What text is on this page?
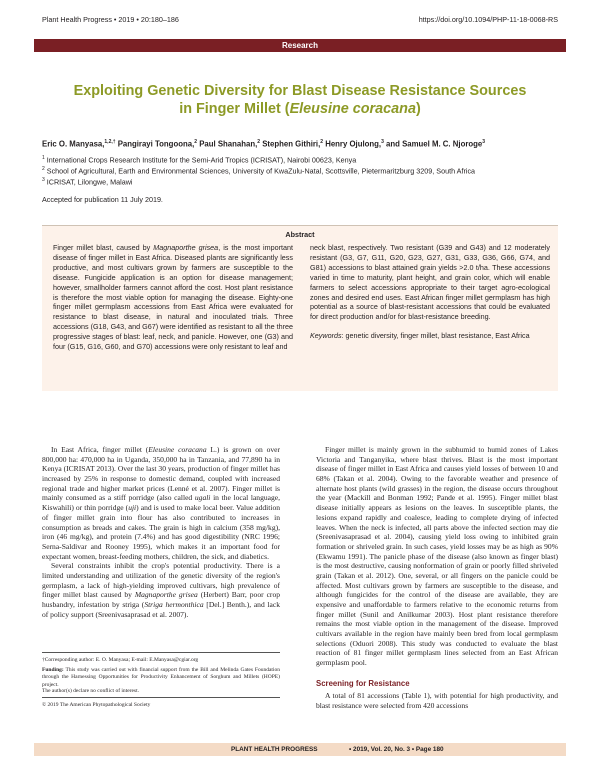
Plant Health Progress • 2019 • 20:180–186	https://doi.org/10.1094/PHP-11-18-0068-RS
Research
Exploiting Genetic Diversity for Blast Disease Resistance Sources
in Finger Millet (Eleusine coracana)
Eric O. Manyasa,$^{1,2,\dagger}$ Pangirayi Tongoona,$^2$ Paul Shanahan,$^2$ Stephen Githiri,$^2$ Henry Ojulong,$^3$ and Samuel M. C. Njoroge$^3$
$^1$ International Crops Research Institute for the Semi-Arid Tropics (ICRISAT), Nairobi 00623, Kenya
$^2$ School of Agricultural, Earth and Environmental Sciences, University of KwaZulu-Natal, Scottsville, Pietermaritzburg 3209, South Africa
$^3$ ICRISAT, Lilongwe, Malawi
Accepted for publication 11 July 2019.
Abstract
Finger millet blast, caused by Magnaporthe grisea, is the most important disease of finger millet in East Africa. Diseased plants are significantly less productive, and most cultivars grown by farmers are susceptible to the disease. Fungicide application is an option for disease management; however, smallholder farmers cannot afford the cost. Host plant resistance is therefore the most viable option for managing the disease. Eighty-one finger millet germplasm accessions from East Africa were evaluated for resistance to blast disease, in natural and inoculated trials. Three accessions (G18, G43, and G67) were identified as resistant to all the three progressive stages of blast: leaf, neck, and panicle. However, one (G3) and four (G15, G16, G60, and G70) accessions were only resistant to leaf and
neck blast, respectively. Two resistant (G39 and G43) and 12 moderately resistant (G3, G7, G11, G20, G23, G27, G31, G33, G36, G66, G74, and G81) accessions to blast attained grain yields >2.0 t/ha. These accessions varied in time to maturity, plant height, and grain color, which will enable farmers to select accessions appropriate to their target agro-ecological zones and desired end uses. East African finger millet germplasm has high potential as a source of blast-resistant accessions that could be evaluated for direct production and/or for blast-resistance breeding.
Keywords: genetic diversity, finger millet, blast resistance, East Africa

In East Africa, finger millet (Eleusine coracana L.) is grown on over 800,000 ha: 470,000 ha in Uganda, 350,000 ha in Tanzania, and 77,890 ha in Kenya (ICRISAT 2013). Over the last 30 years, production of finger millet has increased by 25% in response to domestic demand, coupled with increased regional trade and higher market prices (Lenné et al. 2007). Finger millet is mainly consumed as a stiff porridge (also called ugali in the local language, Kiswahili) or thin porridge (uji) and is used to make local beer. Value addition of finger millet grain into flour has also contributed to increases in consumption as breads and cakes. The grain is high in calcium (358 mg/kg), iron (46 mg/kg), and protein (7.4%) and has good digestibility (NRC 1996; Serna-Saldivar and Rooney 1995), which makes it an important food for expectant women, breast-feeding mothers, children, the sick, and diabetics.

Several constraints inhibit the crop's potential productivity. There is a limited understanding and utilization of the genetic diversity of the region's germplasm, a lack of high-yielding improved cultivars, high prevalence of finger millet blast caused by Magnaporthe grisea (Herbert) Barr, poor crop husbandry, infestation by striga (Striga hermonthica [Del.] Benth.), and lack of policy support (Sreenivasaprasad et al. 2007).

†Corresponding author: E. O. Manyasa; E-mail: E.Manyasa@cgiar.org
Funding: This study was carried out with financial support from the Bill and Melinda Gates Foundation through the Harnessing Opportunities for Productivity Enhancement of Sorghum and Millets (HOPE) project.
The author(s) declare no conflict of interest.
© 2019 The American Phytopathological Society

Finger millet is mainly grown in the subhumid to humid zones of Lakes Victoria and Tanganyika, where blast thrives. Blast is the most important disease of finger millet in East Africa and causes yield losses of between 10 and 68% (Takan et al. 2004). Owing to the favorable weather and presence of alternate host plants (wild grasses) in the region, the disease occurs throughout the year (Mackill and Bonman 1992; Pande et al. 1995). Finger millet blast disease initially appears as lesions on the leaves. In susceptible plants, the lesions expand rapidly and coalesce, leading to complete drying of infected leaves. When the neck is infected, all parts above the infected section may die (Sreenivasaprasad et al. 2004), causing yield loss owing to inhibited grain formation or shriveled grain. In such cases, yield losses may be as high as 90% (Ekwamu 1991). The panicle phase of the disease (also known as finger blast) is the most destructive, causing nonformation of grain or poorly filled shriveled grain (Takan et al. 2012). One, several, or all fingers on the panicle could be affected. Most cultivars grown by farmers are susceptible to the disease, and although fungicides for the control of the disease are available, they are expensive and unaffordable to farmers relative to the economic returns from finger millet (Sunil and Anilkumar 2003). Host plant resistance therefore remains the most viable option in the management of the disease. Improved cultivars available in the region have mainly been bred from local germplasm selections (Oduori 2008). This study was conducted to evaluate the blast reaction of 81 finger millet germplasm lines selected from an East African germplasm pool.

Screening for Resistance
A total of 81 accessions (Table 1), with potential for high productivity, and blast resistance were selected from 420 accessions
PLANT HEALTH PROGRESS	• 2019, Vol. 20, No. 3 • Page 180
